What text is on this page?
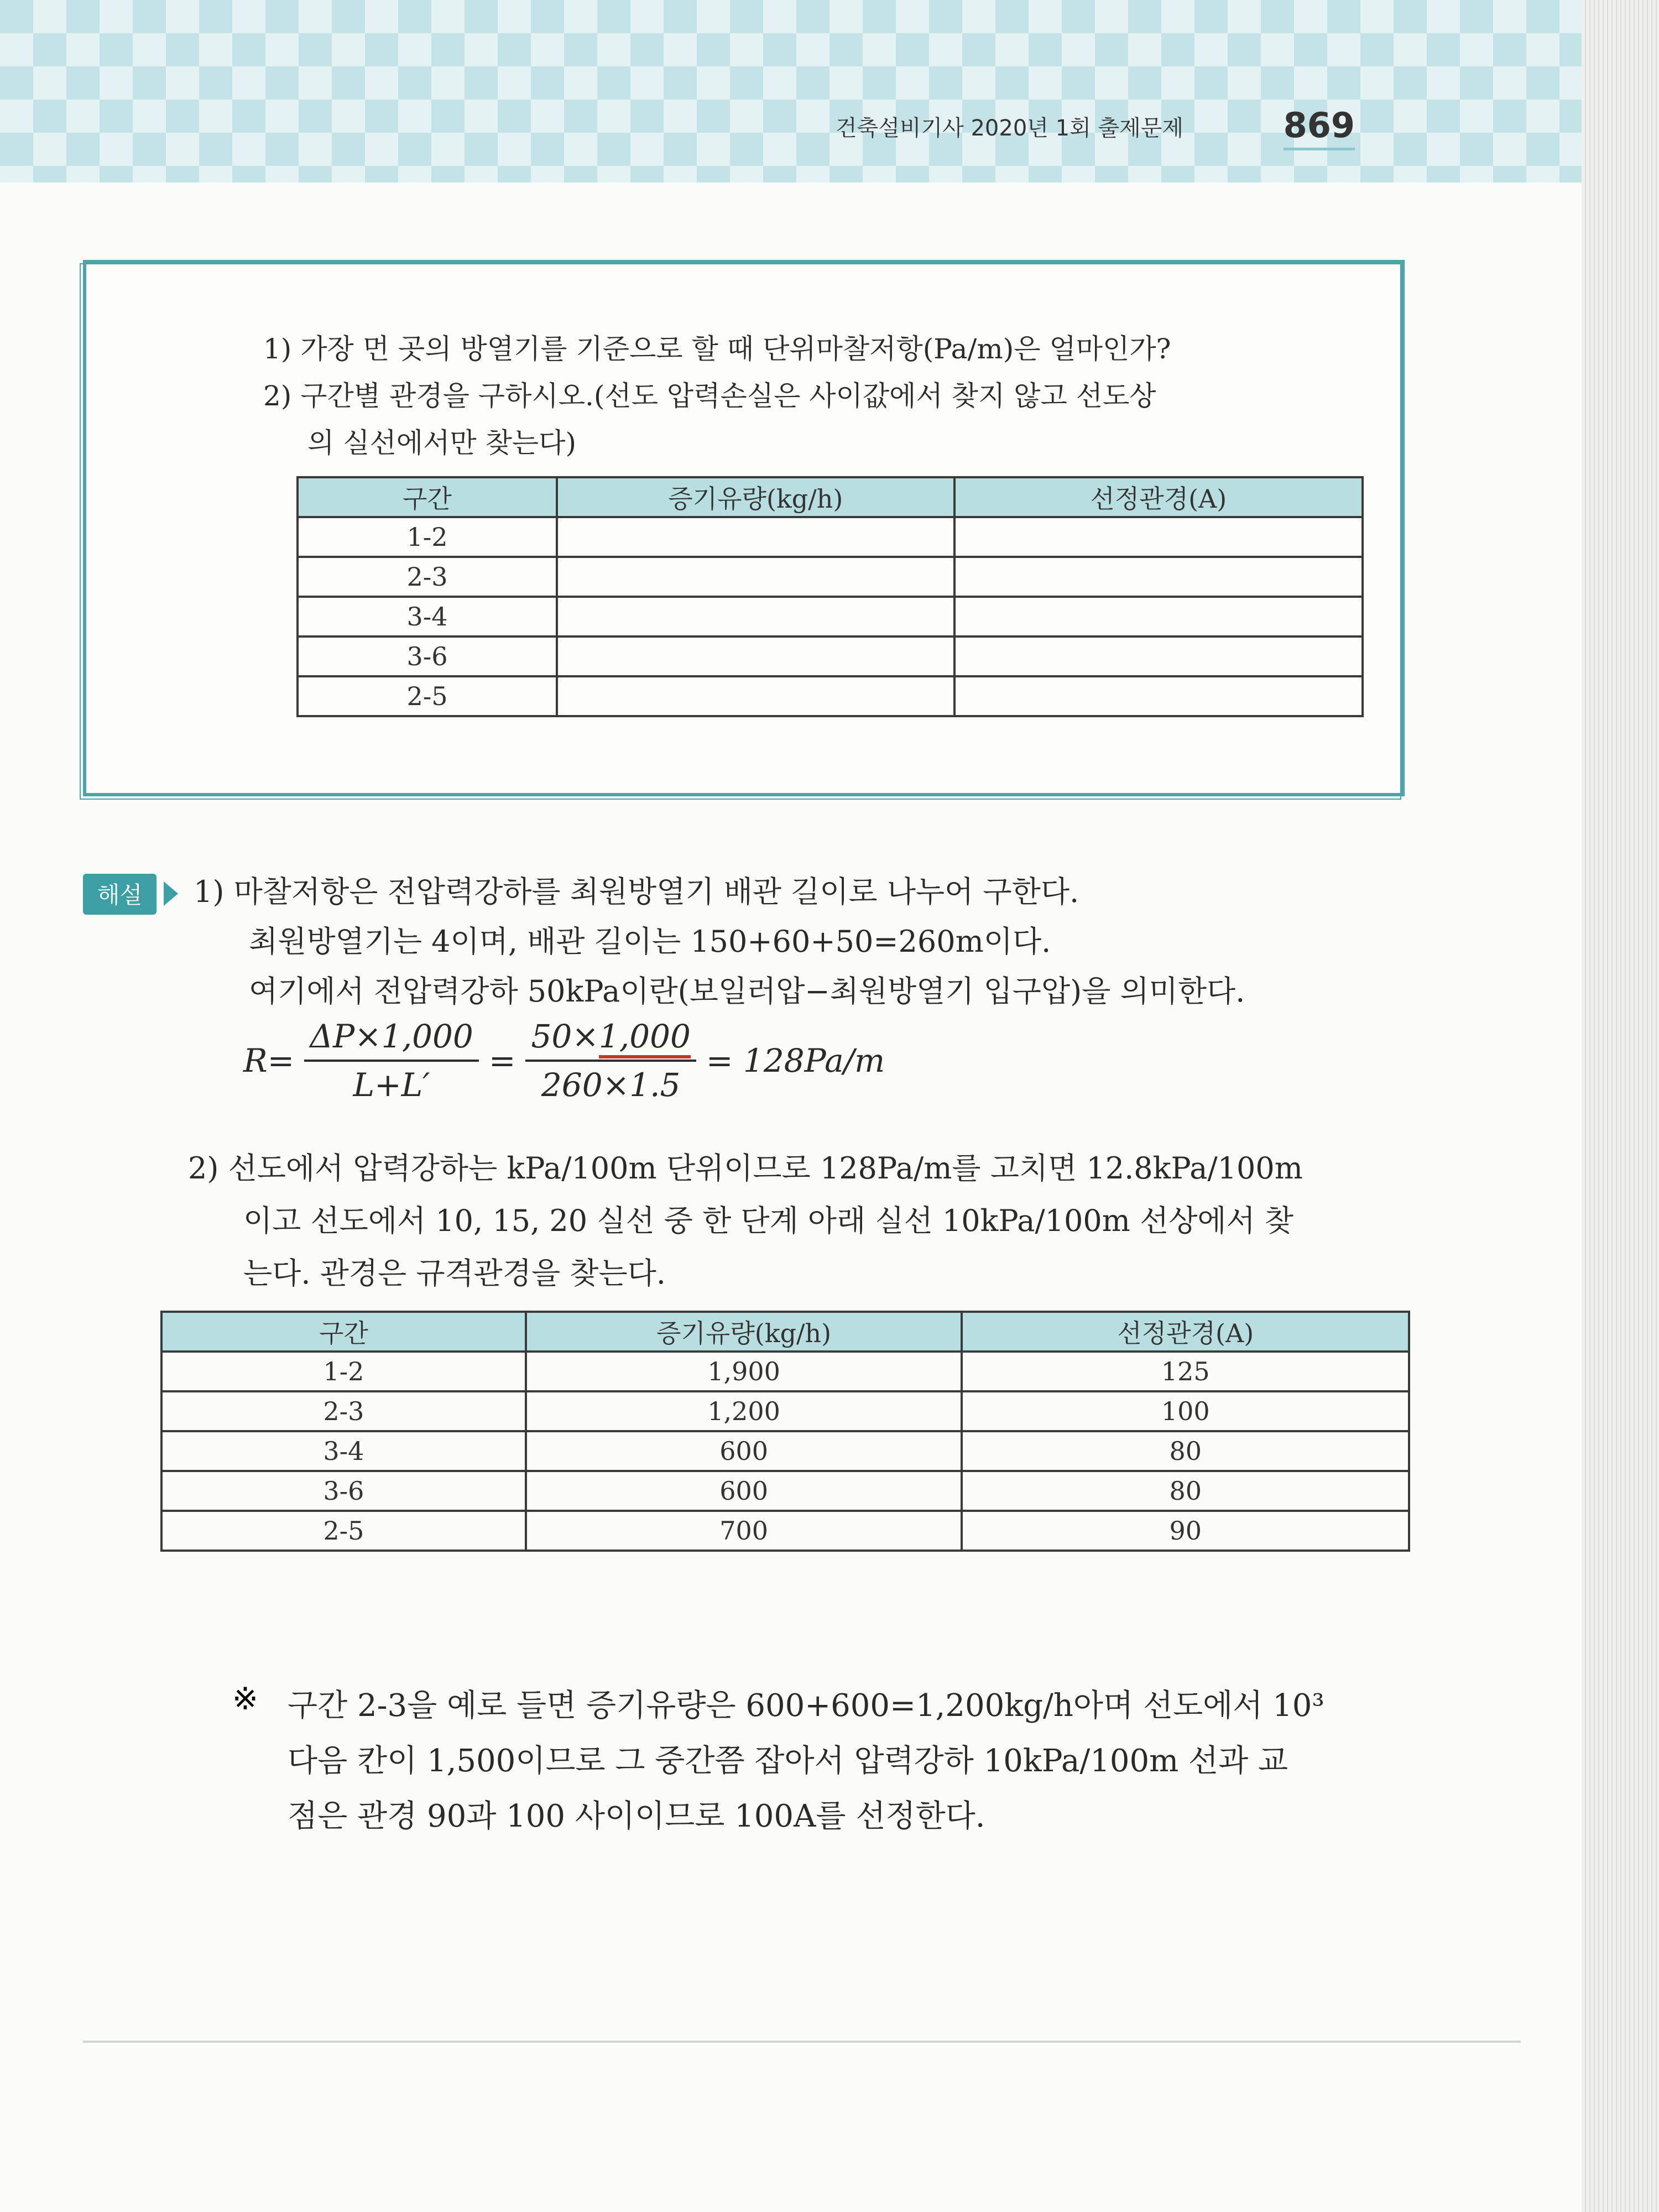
건축설비기사 2020년 1회 출제문제	869
1) 가장 먼 곳의 방열기를 기준으로 할 때 단위마찰저항(Pa/m)은 얼마인가?
2) 구간별 관경을 구하시오.(선도 압력손실은 사이값에서 찾지 않고 선도상
의 실선에서만 찾는다)
구간	증기유량(kg/h)	선정관경(A)
1-2		
2-3		
3-4		
3-6		
2-5		
해설	1) 마찰저항은 전압력강하를 최원방열기 배관 길이로 나누어 구한다.
최원방열기는 4이며, 배관 길이는 150+60+50=260m이다.
여기에서 전압력강하 50kPa이란(보일러압−최원방열기 입구압)을 의미한다.
$R= \frac{\Delta P\times 1,000}{L+L'} = \frac{50\times 1,000}{260\times 1.5} = 128Pa/m$
2) 선도에서 압력강하는 kPa/100m 단위이므로 128Pa/m를 고치면 12.8kPa/100m
이고 선도에서 10, 15, 20 실선 중 한 단계 아래 실선 10kPa/100m 선상에서 찾
는다. 관경은 규격관경을 찾는다.
구간	증기유량(kg/h)	선정관경(A)
1-2	1,900	125
2-3	1,200	100
3-4	600	80
3-6	600	80
2-5	700	90
※ 구간 2-3을 예로 들면 증기유량은 600+600=1,200kg/h아며 선도에서 10³
다음 칸이 1,500이므로 그 중간쯤 잡아서 압력강하 10kPa/100m 선과 교
점은 관경 90과 100 사이이므로 100A를 선정한다.
